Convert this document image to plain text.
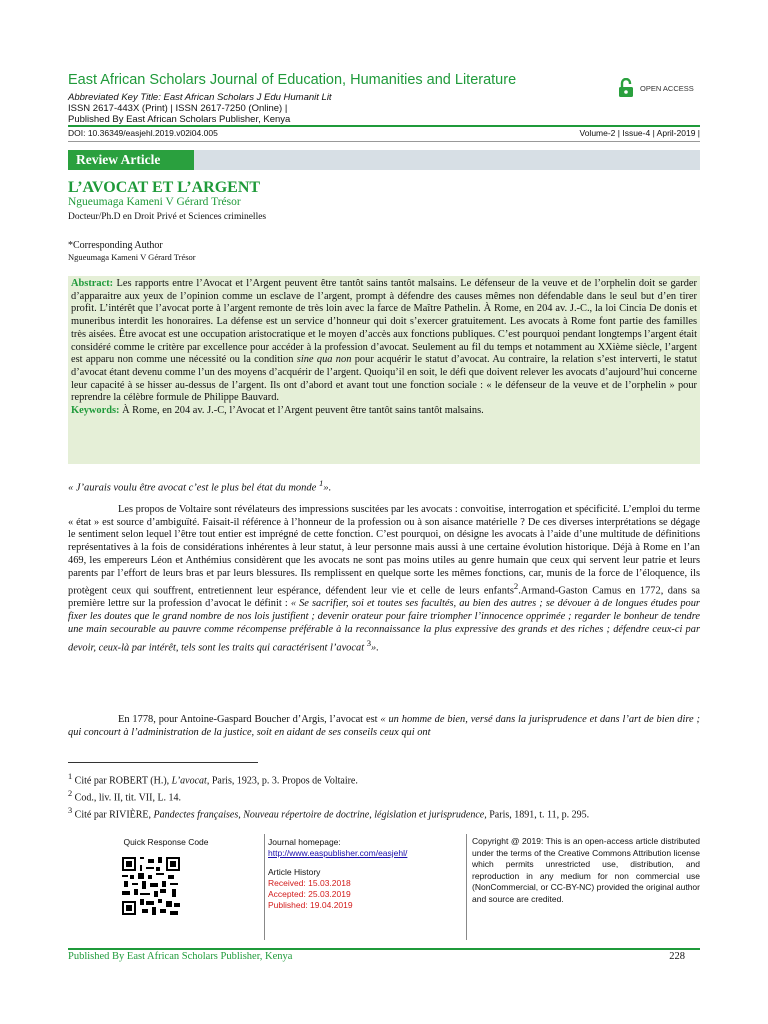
East African Scholars Journal of Education, Humanities and Literature
Abbreviated Key Title: East African Scholars J Edu Humanit Lit
ISSN 2617-443X (Print) | ISSN 2617-7250 (Online) |
Published By East African Scholars Publisher, Kenya
OPEN ACCESS
DOI: 10.36349/easjehl.2019.v02i04.005	Volume-2 | Issue-4 | April-2019 |
Review Article
L’AVOCAT ET L’ARGENT
Ngueumaga Kameni V Gérard Trésor
Docteur/Ph.D en Droit Privé et Sciences criminelles
*Corresponding Author
Ngueumaga Kameni V Gérard Trésor

Abstract: Les rapports entre l’Avocat et l’Argent peuvent être tantôt sains tantôt malsains. Le défenseur de la veuve et de l’orphelin doit se garder d’apparaitre aux yeux de l’opinion comme un esclave de l’argent, prompt à défendre des causes mêmes non défendable dans le seul but d’en tirer profit. L’intérêt que l’avocat porte à l’argent remonte de très loin avec la farce de Maître Pathelin. À Rome, en 204 av. J.-C., la loi Cincia De donis et muneribus interdit les honoraires. La défense est un service d’honneur qui doit s’exercer gratuitement. Les avocats à Rome font partie des familles très aisées. Être avocat est une occupation aristocratique et le moyen d’accès aux fonctions publiques. C’est pourquoi pendant longtemps l’argent était considéré comme le critère par excellence pour accéder à la profession d’avocat. Seulement au fil du temps et notamment au XXième siècle, l’argent est apparu non comme une nécessité ou la condition sine qua non pour acquérir le statut d’avocat. Au contraire, la relation s’est interverti, le statut d’avocat étant devenu comme l’un des moyens d’acquérir de l’argent. Quoiqu’il en soit, le défi que doivent relever les avocats d’aujourd’hui concerne leur capacité à se hisser au-dessus de l’argent. Ils ont d’abord et avant tout une fonction sociale : « le défenseur de la veuve et de l’orphelin » pour reprendre la célèbre formule de Philippe Bauvard.

Keywords: À Rome, en 204 av. J.-C, l’Avocat et l’Argent peuvent être tantôt sains tantôt malsains.

« J’aurais voulu être avocat c’est le plus bel état du monde $^1$».
Les propos de Voltaire sont révélateurs des impressions suscitées par les avocats : convoitise, interrogation et spécificité. L’emploi du terme « état » est source d’ambiguïté. Faisait-il référence à l’honneur de la profession ou à son aisance matérielle ? De ces diverses interprétations se dégage le sentiment selon lequel l’être tout entier est imprégné de cette fonction. C’est pourquoi, on désigne les avocats à l’aide d’une multitude de définitions représentatives à la fois de considérations inhérentes à leur statut, à leur personne mais aussi à une certaine évolution historique. Déjà à Rome en l’an 469, les empereurs Léon et Anthémius considèrent que les avocats ne sont pas moins utiles au genre humain que ceux qui servent leur patrie et leurs parents par l’effort de leurs bras et par leurs blessures. Ils remplissent en quelque sorte les mêmes fonctions, car, munis de la force de l’éloquence, ils protègent ceux qui souffrent, entretiennent leur espérance, défendent leur vie et celle de leurs enfants$^2$.Armand-Gaston Camus en 1772, dans sa première lettre sur la profession d’avocat le définit : « Se sacrifier, soi et toutes ses facultés, au bien des autres ; se dévouer à de longues études pour fixer les doutes que le grand nombre de nos lois justifient ; devenir orateur pour faire triompher l’innocence opprimée ; regarder le bonheur de tendre une main secourable au pauvre comme récompense préférable à la reconnaissance la plus expressive des grands et des riches ; défendre ceux-ci par devoir, ceux-là par intérêt, tels sont les traits qui caractérisent l’avocat $^3$».
En 1778, pour Antoine-Gaspard Boucher d’Argis, l’avocat est « un homme de bien, versé dans la jurisprudence et dans l’art de bien dire ; qui concourt à l’administration de la justice, soit en aidant de ses conseils ceux qui ont

$^1$ Cité par ROBERT (H.), L’avocat, Paris, 1923, p. 3. Propos de Voltaire.

$^2$ Cod., liv. II, tit. VII, L. 14.

$^3$ Cité par RIVIÈRE, Pandectes françaises, Nouveau répertoire de doctrine, législation et jurisprudence, Paris, 1891, t. 11, p. 295.

Quick Response Code	Journal homepage:
http://www.easpublisher.com/easjehl/
Article History
Received: 15.03.2018
Accepted: 25.03.2019
Published: 19.04.2019
Copyright @ 2019: This is an open-access article distributed under the terms of the Creative Commons Attribution license which permits unrestricted use, distribution, and reproduction in any medium for non commercial use (NonCommercial, or CC-BY-NC) provided the original author and source are credited.
Published By East African Scholars Publisher, Kenya	228
